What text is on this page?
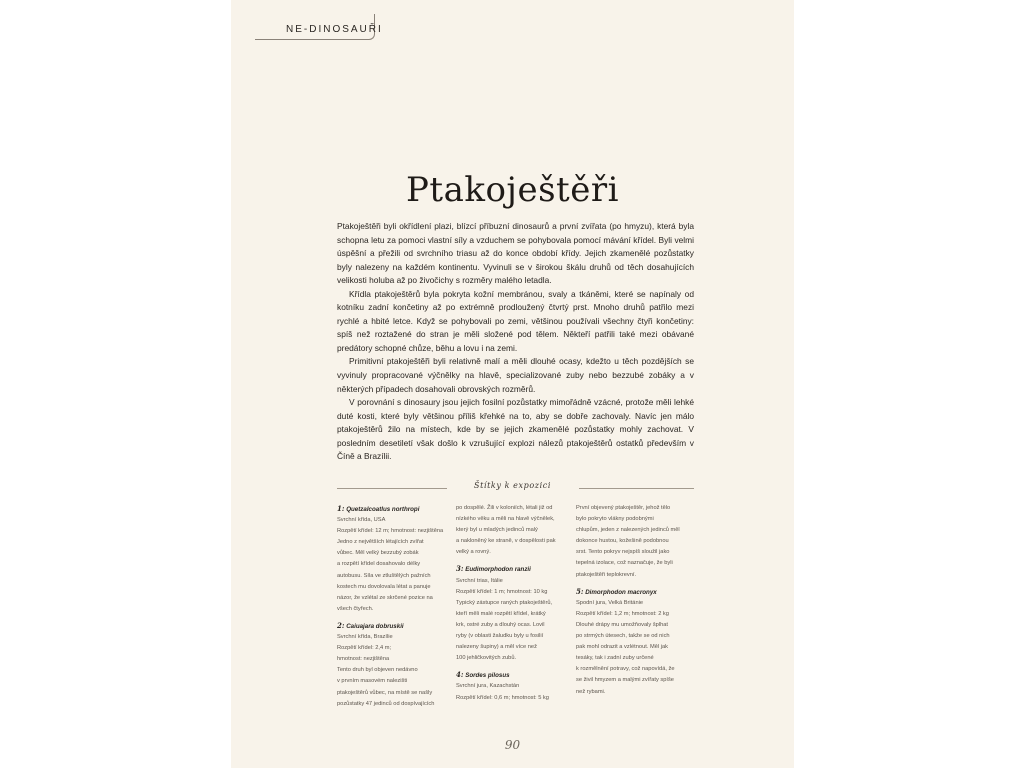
NE-DINOSAUŘI
Ptakoještěři

Ptakoještěři byli okřídlení plazi, blízcí příbuzní dinosaurů a první zvířata (po hmyzu), která byla schopna letu za pomoci vlastní síly a vzduchem se pohybovala pomocí mávání křídel. Byli velmi úspěšní a přežili od svrchního triasu až do konce období křídy. Jejich zkamenělé pozůstatky byly nalezeny na každém kontinentu. Vyvinuli se v širokou škálu druhů od těch dosahujících velikosti holuba až po živočichy s rozměry malého letadla.

Křídla ptakoještěrů byla pokryta kožní membránou, svaly a tkáněmi, které se napínaly od kotníku zadní končetiny až po extrémně prodloužený čtvrtý prst. Mnoho druhů patřilo mezi rychlé a hbité letce. Když se pohybovali po zemi, většinou používali všechny čtyři končetiny: spíš než roztažené do stran je měli složené pod tělem. Někteří patřili také mezi obávané predátory schopné chůze, běhu a lovu i na zemi.

Primitivní ptakoještěři byli relativně malí a měli dlouhé ocasy, kdežto u těch pozdějších se vyvinuly propracované výčnělky na hlavě, specializované zuby nebo bezzubé zobáky a v některých případech dosahovali obrovských rozměrů.

V porovnání s dinosaury jsou jejich fosilní pozůstatky mimořádně vzácné, protože měli lehké duté kosti, které byly většinou příliš křehké na to, aby se dobře zachovaly. Navíc jen málo ptakoještěrů žilo na místech, kde by se jejich zkamenělé pozůstatky mohly zachovat. V posledním desetiletí však došlo k vzrušující explozi nálezů ptakoještěrů ostatků především v Číně a Brazílii.

Štítky k expozici

1: Quetzalcoatlus northropi

Svrchní křída, USA

Rozpětí křídel: 12 m; hmotnost: nezjištěna

Jedno z největších létajících zvířat

vůbec. Měl velký bezzubý zobák

a rozpětí křídel dosahovalo délky

autobusu. Síla ve ztluštělých pažních

kostech mu dovolovala létat a panuje

názor, že vzlétal ze skrčené pozice na

všech čtyřech.

2: Caiuajara dobruskii

Svrchní křída, Brazílie

Rozpětí křídel: 2,4 m;

hmotnost: nezjištěna

Tento druh byl objeven nedávno

v prvním masovém nalezišti

ptakoještěrů vůbec, na místě se našly

pozůstatky 47 jedinců od dospívajících

po dospělé. Žili v koloniích, létali již od

nízkého věku a měli na hlavě výčnělek,

který byl u mladých jedinců malý

a nakloněný ke straně, v dospělosti pak

velký a rovný.

3: Eudimorphodon ranzii

Svrchní trias, Itálie

Rozpětí křídel: 1 m; hmotnost: 10 kg

Typický zástupce raných ptakoještěrů,

kteří měli malé rozpětí křídel, krátký

krk, ostré zuby a dlouhý ocas. Lovil

ryby (v oblasti žaludku byly u fosilií

nalezeny šupiny) a měl více než

100 jehličkovitých zubů.

4: Sordes pilosus

Svrchní jura, Kazachstán

Rozpětí křídel: 0,6 m; hmotnost: 5 kg

První objevený ptakoještěr, jehož tělo

bylo pokryto vlákny podobnými

chlupům, jeden z nalezených jedinců měl

dokonce hustou, kožešině podobnou

srst. Tento pokryv nejspíš sloužil jako

tepelná izolace, což naznačuje, že byli

ptakoještěři teplokrevní.

5: Dimorphodon macronyx

Spodní jura, Velká Británie

Rozpětí křídel: 1,2 m; hmotnost: 2 kg

Dlouhé drápy mu umožňovaly šplhat

po strmých útesech, takže se od nich

pak mohl odrazit a vzlétnout. Měl jak

tesáky, tak i zadní zuby určené

k rozmělnění potravy, což napovídá, že

se živil hmyzem a malými zvířaty spíše

než rybami.

90
